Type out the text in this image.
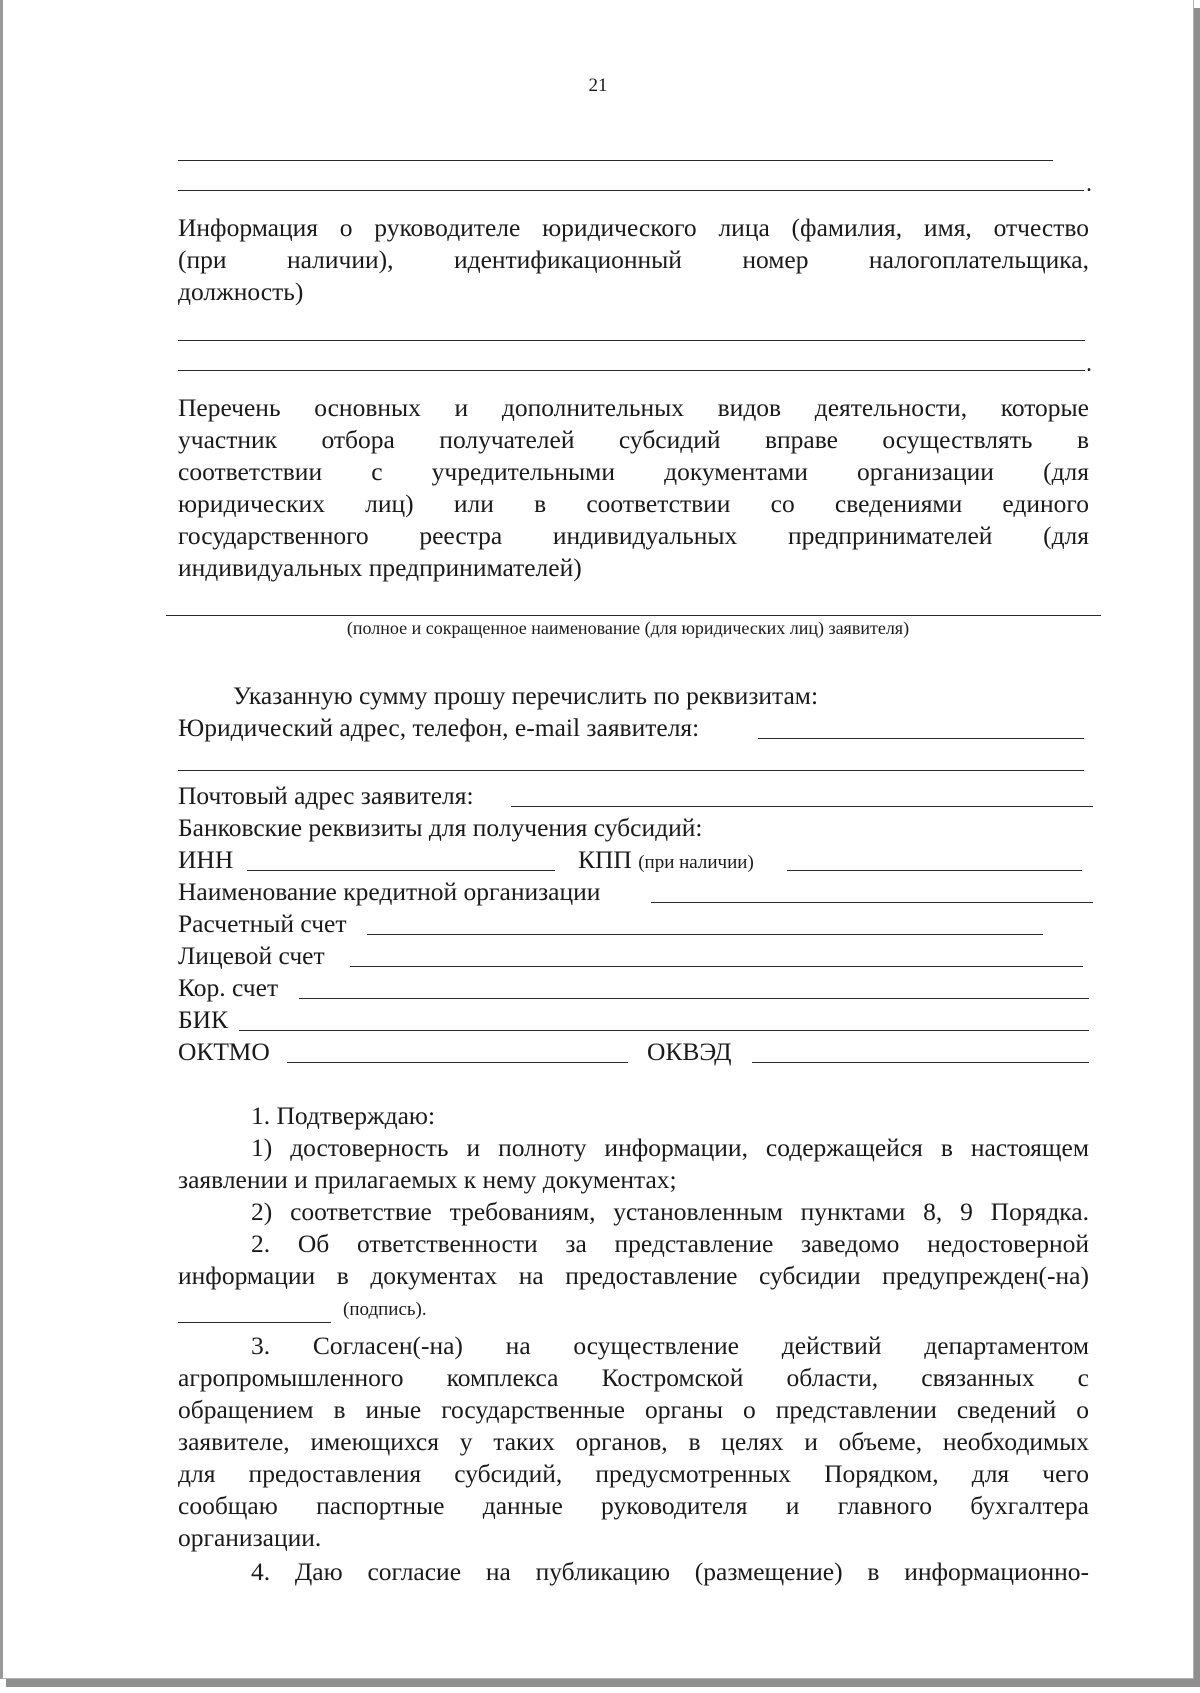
21
.
Информация о руководителе юридического лица (фамилия, имя, отчество
(при наличии), идентификационный номер налогоплательщика,
должность)
.
Перечень основных и дополнительных видов деятельности, которые
участник отбора получателей субсидий вправе осуществлять в
соответствии с учредительными документами организации (для
юридических лиц) или в соответствии со сведениями единого
государственного реестра индивидуальных предпринимателей (для
индивидуальных предпринимателей)
(полное и сокращенное наименование (для юридических лиц) заявителя)
Указанную сумму прошу перечислить по реквизитам:
Юридический адрес, телефон, e-mail заявителя:
Почтовый адрес заявителя:
Банковские реквизиты для получения субсидий:
ИНН	КПП (при наличии)
Наименование кредитной организации
Расчетный счет
Лицевой счет
Кор. счет
БИК
ОКТМО	ОКВЭД
1. Подтверждаю:
1) достоверность и полноту информации, содержащейся в настоящем
заявлении и прилагаемых к нему документах;
2) соответствие требованиям, установленным пунктами 8, 9 Порядка.
2. Об ответственности за представление заведомо недостоверной
информации в документах на предоставление субсидии предупрежден(-на)
(подпись).
3. Согласен(-на) на осуществление действий департаментом
агропромышленного комплекса Костромской области, связанных с
обращением в иные государственные органы о представлении сведений о
заявителе, имеющихся у таких органов, в целях и объеме, необходимых
для предоставления субсидий, предусмотренных Порядком, для чего
сообщаю паспортные данные руководителя и главного бухгалтера
организации.
4. Даю согласие на публикацию (размещение) в информационно-
